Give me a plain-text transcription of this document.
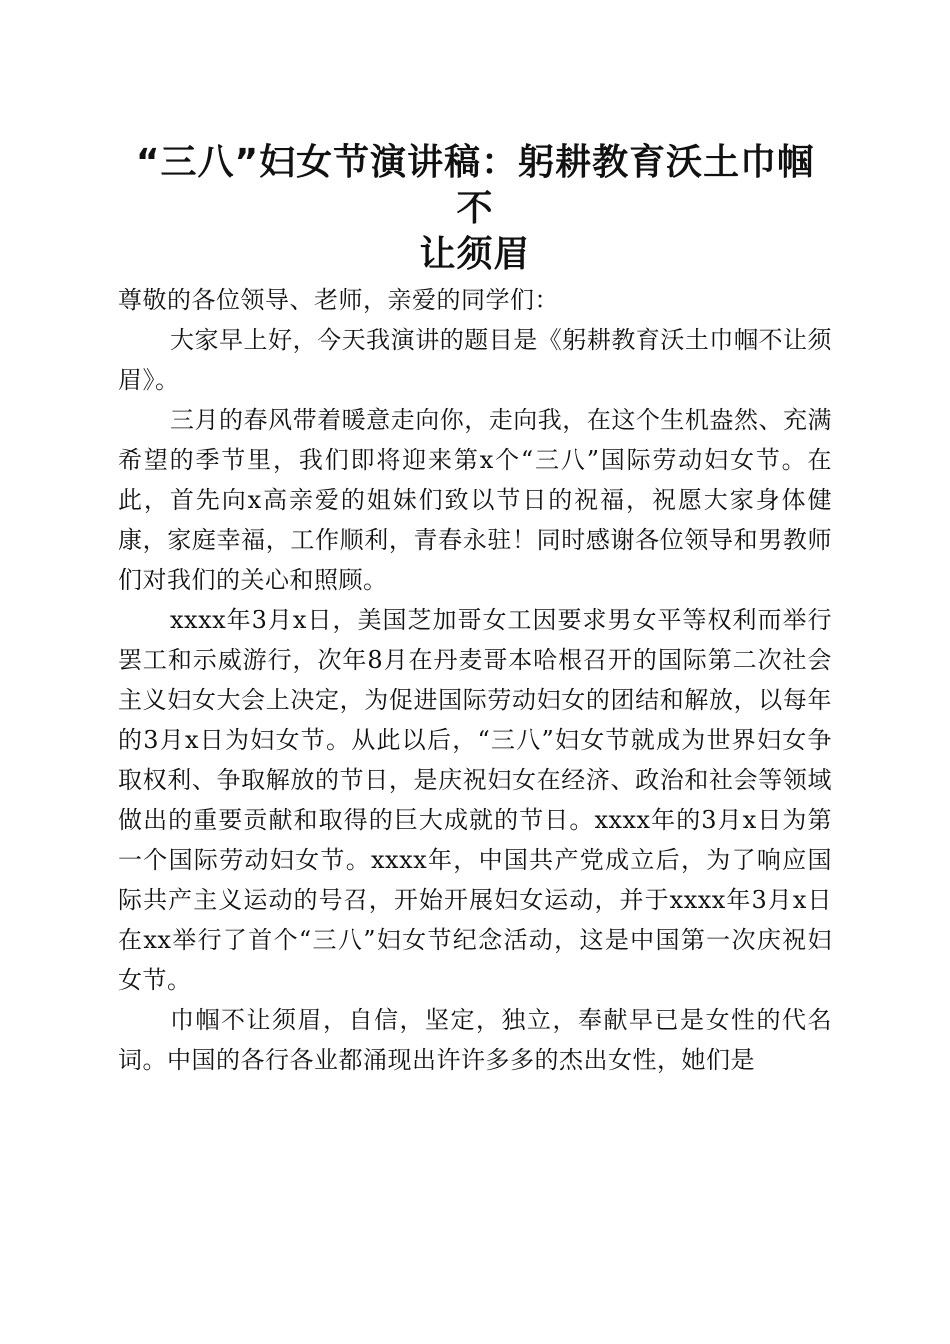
“三八”妇女节演讲稿：躬耕教育沃土巾帼不
让须眉

尊敬的各位领导、老师，亲爱的同学们：

大家早上好，今天我演讲的题目是《躬耕教育沃土巾帼不让须眉》。

三月的春风带着暖意走向你，走向我，在这个生机盎然、充满希望的季节里，我们即将迎来第x个“三八”国际劳动妇女节。在此，首先向x高亲爱的姐妹们致以节日的祝福，祝愿大家身体健康，家庭幸福，工作顺利，青春永驻！同时感谢各位领导和男教师们对我们的关心和照顾。

xxxx年3月x日，美国芝加哥女工因要求男女平等权利而举行罢工和示威游行，次年8月在丹麦哥本哈根召开的国际第二次社会主义妇女大会上决定，为促进国际劳动妇女的团结和解放，以每年的3月x日为妇女节。从此以后，“三八”妇女节就成为世界妇女争取权利、争取解放的节日，是庆祝妇女在经济、政治和社会等领域做出的重要贡献和取得的巨大成就的节日。xxxx年的3月x日为第一个国际劳动妇女节。xxxx年，中国共产党成立后，为了响应国际共产主义运动的号召，开始开展妇女运动，并于xxxx年3月x日在xx举行了首个“三八”妇女节纪念活动，这是中国第一次庆祝妇女节。

巾帼不让须眉，自信，坚定，独立，奉献早已是女性的代名词。中国的各行各业都涌现出许许多多的杰出女性，她们是
